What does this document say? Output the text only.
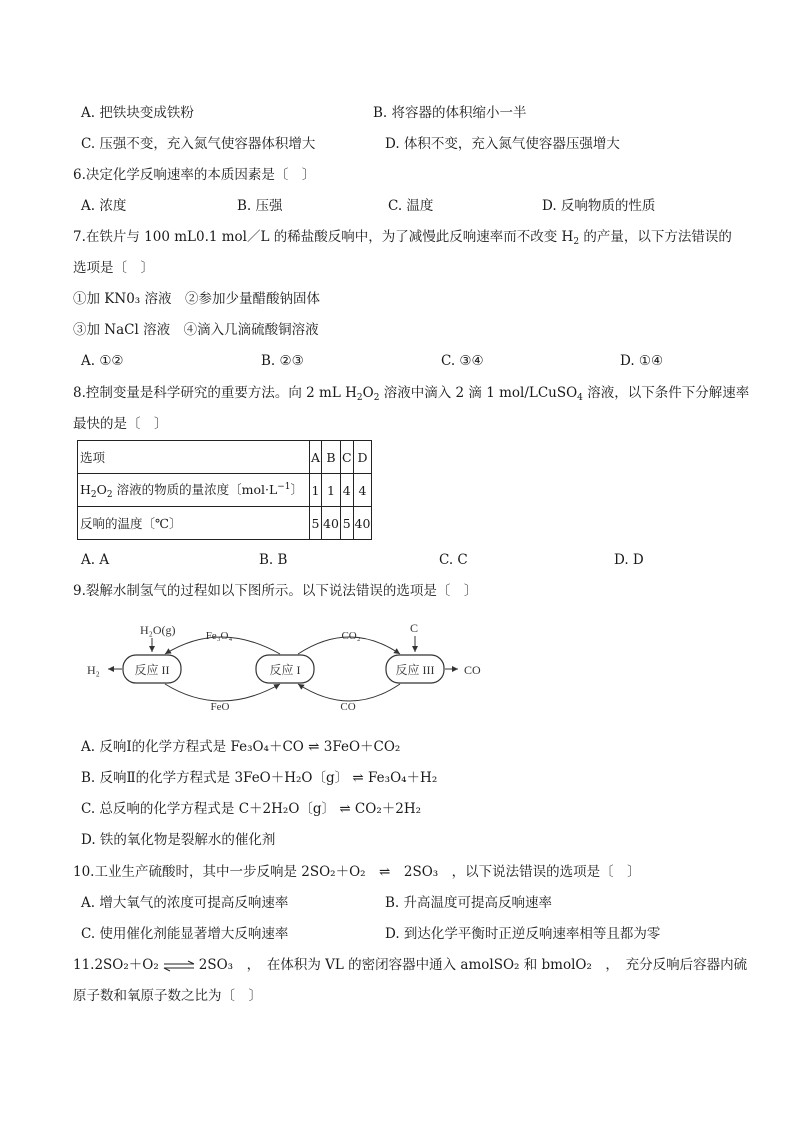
A. 把铁块变成铁粉	B. 将容器的体积缩小一半
C. 压强不变，充入氮气使容器体积增大	D. 体积不变，充入氮气使容器压强增大
6.决定化学反响速率的本质因素是〔　〕
A. 浓度	B. 压强	C. 温度	D. 反响物质的性质
7.在铁片与 100 mL0.1 mol／L 的稀盐酸反响中，为了减慢此反响速率而不改变 $H_2$ 的产量，以下方法错误的
选项是〔　〕
①加 KN0₃ 溶液　②参加少量醋酸钠固体
③加 NaCl 溶液　④滴入几滴硫酸铜溶液
A. ①②	B. ②③	C. ③④	D. ①④
8.控制变量是科学研究的重要方法。向 2 mL $H_2O_2$ 溶液中滴入 2 滴 1 mol/LCuSO$_4$ 溶液，以下条件下分解速率
最快的是〔　〕
选项	A	B	C	D
$H_2O_2$ 溶液的物质的量浓度〔$mol\cdot L^{-1}$〕	1	1	4	4
反响的温度〔℃〕	5	40	5	40
A. A	B. B	C. C	D. D
9.裂解水制氢气的过程如以下图所示。以下说法错误的选项是〔　〕
反应 II	反应 I	反应 III
H₂O(g)
H₂
Fe₃O₄
FeO
CO₂
CO
C
CO
A. 反响Ⅰ的化学方程式是 Fe₃O₄＋CO ⇌ 3FeO＋CO₂
B. 反响Ⅱ的化学方程式是 3FeO＋H₂O〔g〕 ⇌ Fe₃O₄＋H₂
C. 总反响的化学方程式是 C＋2H₂O〔g〕 ⇌ CO₂＋2H₂
D. 铁的氧化物是裂解水的催化剂
10.工业生产硫酸时，其中一步反响是 2SO₂＋O₂　⇌　2SO₃　，以下说法错误的选项是〔　〕
A. 增大氧气的浓度可提高反响速率	B. 升高温度可提高反响速率
C. 使用催化剂能显著增大反响速率	D. 到达化学平衡时正逆反响速率相等且都为零
11.2SO₂＋O₂ ⇌ 2SO₃　，　在体积为 VL 的密闭容器中通入 amolSO₂ 和 bmolO₂　，　充分反响后容器内硫
原子数和氧原子数之比为〔　〕
